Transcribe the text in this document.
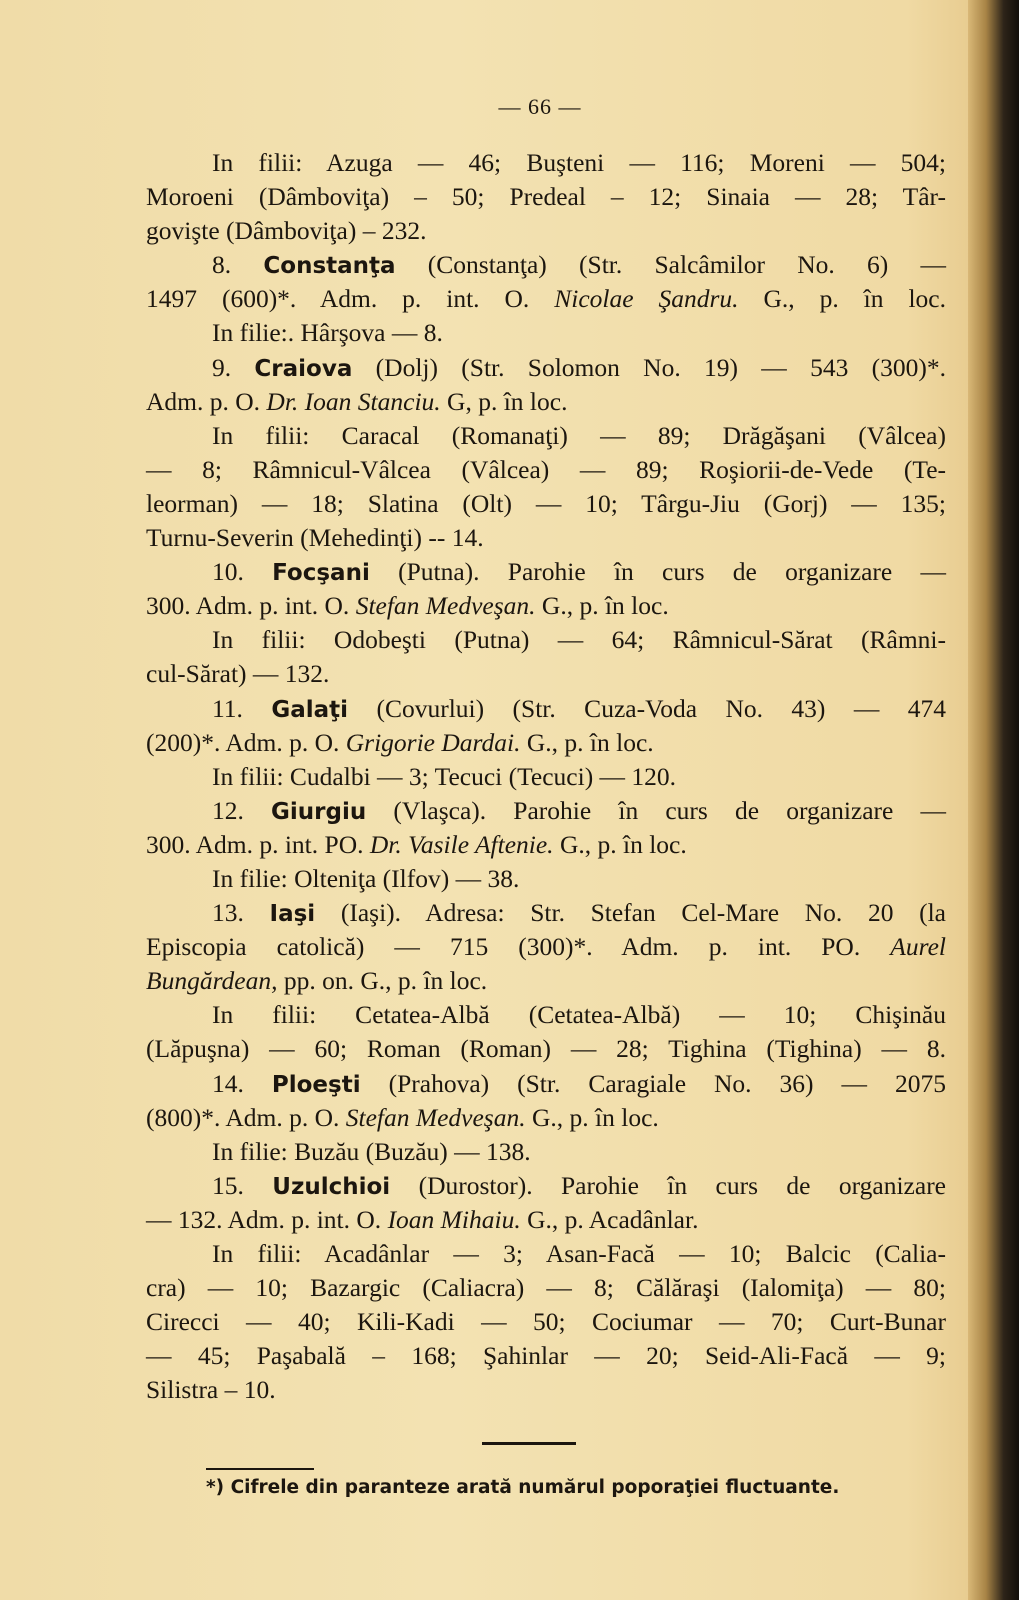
— 66 —
In filii: Azuga — 46; Buşteni — 116; Moreni — 504;
Moroeni (Dâmboviţa) – 50; Predeal – 12; Sinaia — 28; Târ-
govişte (Dâmboviţa) – 232.
8. Constanţa (Constanţa) (Str. Salcâmilor No. 6) —
1497 (600)*. Adm. p. int. O. Nicolae Şandru. G., p. în loc.
In filie:. Hârşova — 8.
9. Craiova (Dolj) (Str. Solomon No. 19) — 543 (300)*.
Adm. p. O. Dr. Ioan Stanciu. G, p. în loc.
In filii: Caracal (Romanaţi) — 89; Drăgăşani (Vâlcea)
— 8; Râmnicul-Vâlcea (Vâlcea) — 89; Roşiorii-de-Vede (Te-
leorman) — 18; Slatina (Olt) — 10; Târgu-Jiu (Gorj) — 135;
Turnu-Severin (Mehedinţi) -- 14.
10. Focşani (Putna). Parohie în curs de organizare —
300. Adm. p. int. O. Stefan Medveşan. G., p. în loc.
In filii: Odobeşti (Putna) — 64; Râmnicul-Sărat (Râmni-
cul-Sărat) — 132.
11. Galaţi (Covurlui) (Str. Cuza-Voda No. 43) — 474
(200)*. Adm. p. O. Grigorie Dardai. G., p. în loc.
In filii: Cudalbi — 3; Tecuci (Tecuci) — 120.
12. Giurgiu (Vlaşca). Parohie în curs de organizare —
300. Adm. p. int. PO. Dr. Vasile Aftenie. G., p. în loc.
In filie: Olteniţa (Ilfov) — 38.
13. Iaşi (Iaşi). Adresa: Str. Stefan Cel-Mare No. 20 (la
Episcopia catolică) — 715 (300)*. Adm. p. int. PO. Aurel
Bungărdean, pp. on. G., p. în loc.
In filii: Cetatea-Albă (Cetatea-Albă) — 10; Chişinău
(Lăpuşna) — 60; Roman (Roman) — 28; Tighina (Tighina) — 8.
14. Ploeşti (Prahova) (Str. Caragiale No. 36) — 2075
(800)*. Adm. p. O. Stefan Medveşan. G., p. în loc.
In filie: Buzău (Buzău) — 138.
15. Uzulchioi (Durostor). Parohie în curs de organizare
— 132. Adm. p. int. O. Ioan Mihaiu. G., p. Acadânlar.
In filii: Acadânlar — 3; Asan-Facă — 10; Balcic (Calia-
cra) — 10; Bazargic (Caliacra) — 8; Călăraşi (Ialomiţa) — 80;
Cirecci — 40; Kili-Kadi — 50; Cociumar — 70; Curt-Bunar
— 45; Paşabală – 168; Şahinlar — 20; Seid-Ali-Facă — 9;
Silistra – 10.
*) Cifrele din paranteze arată numărul poporaţiei fluctuante.
